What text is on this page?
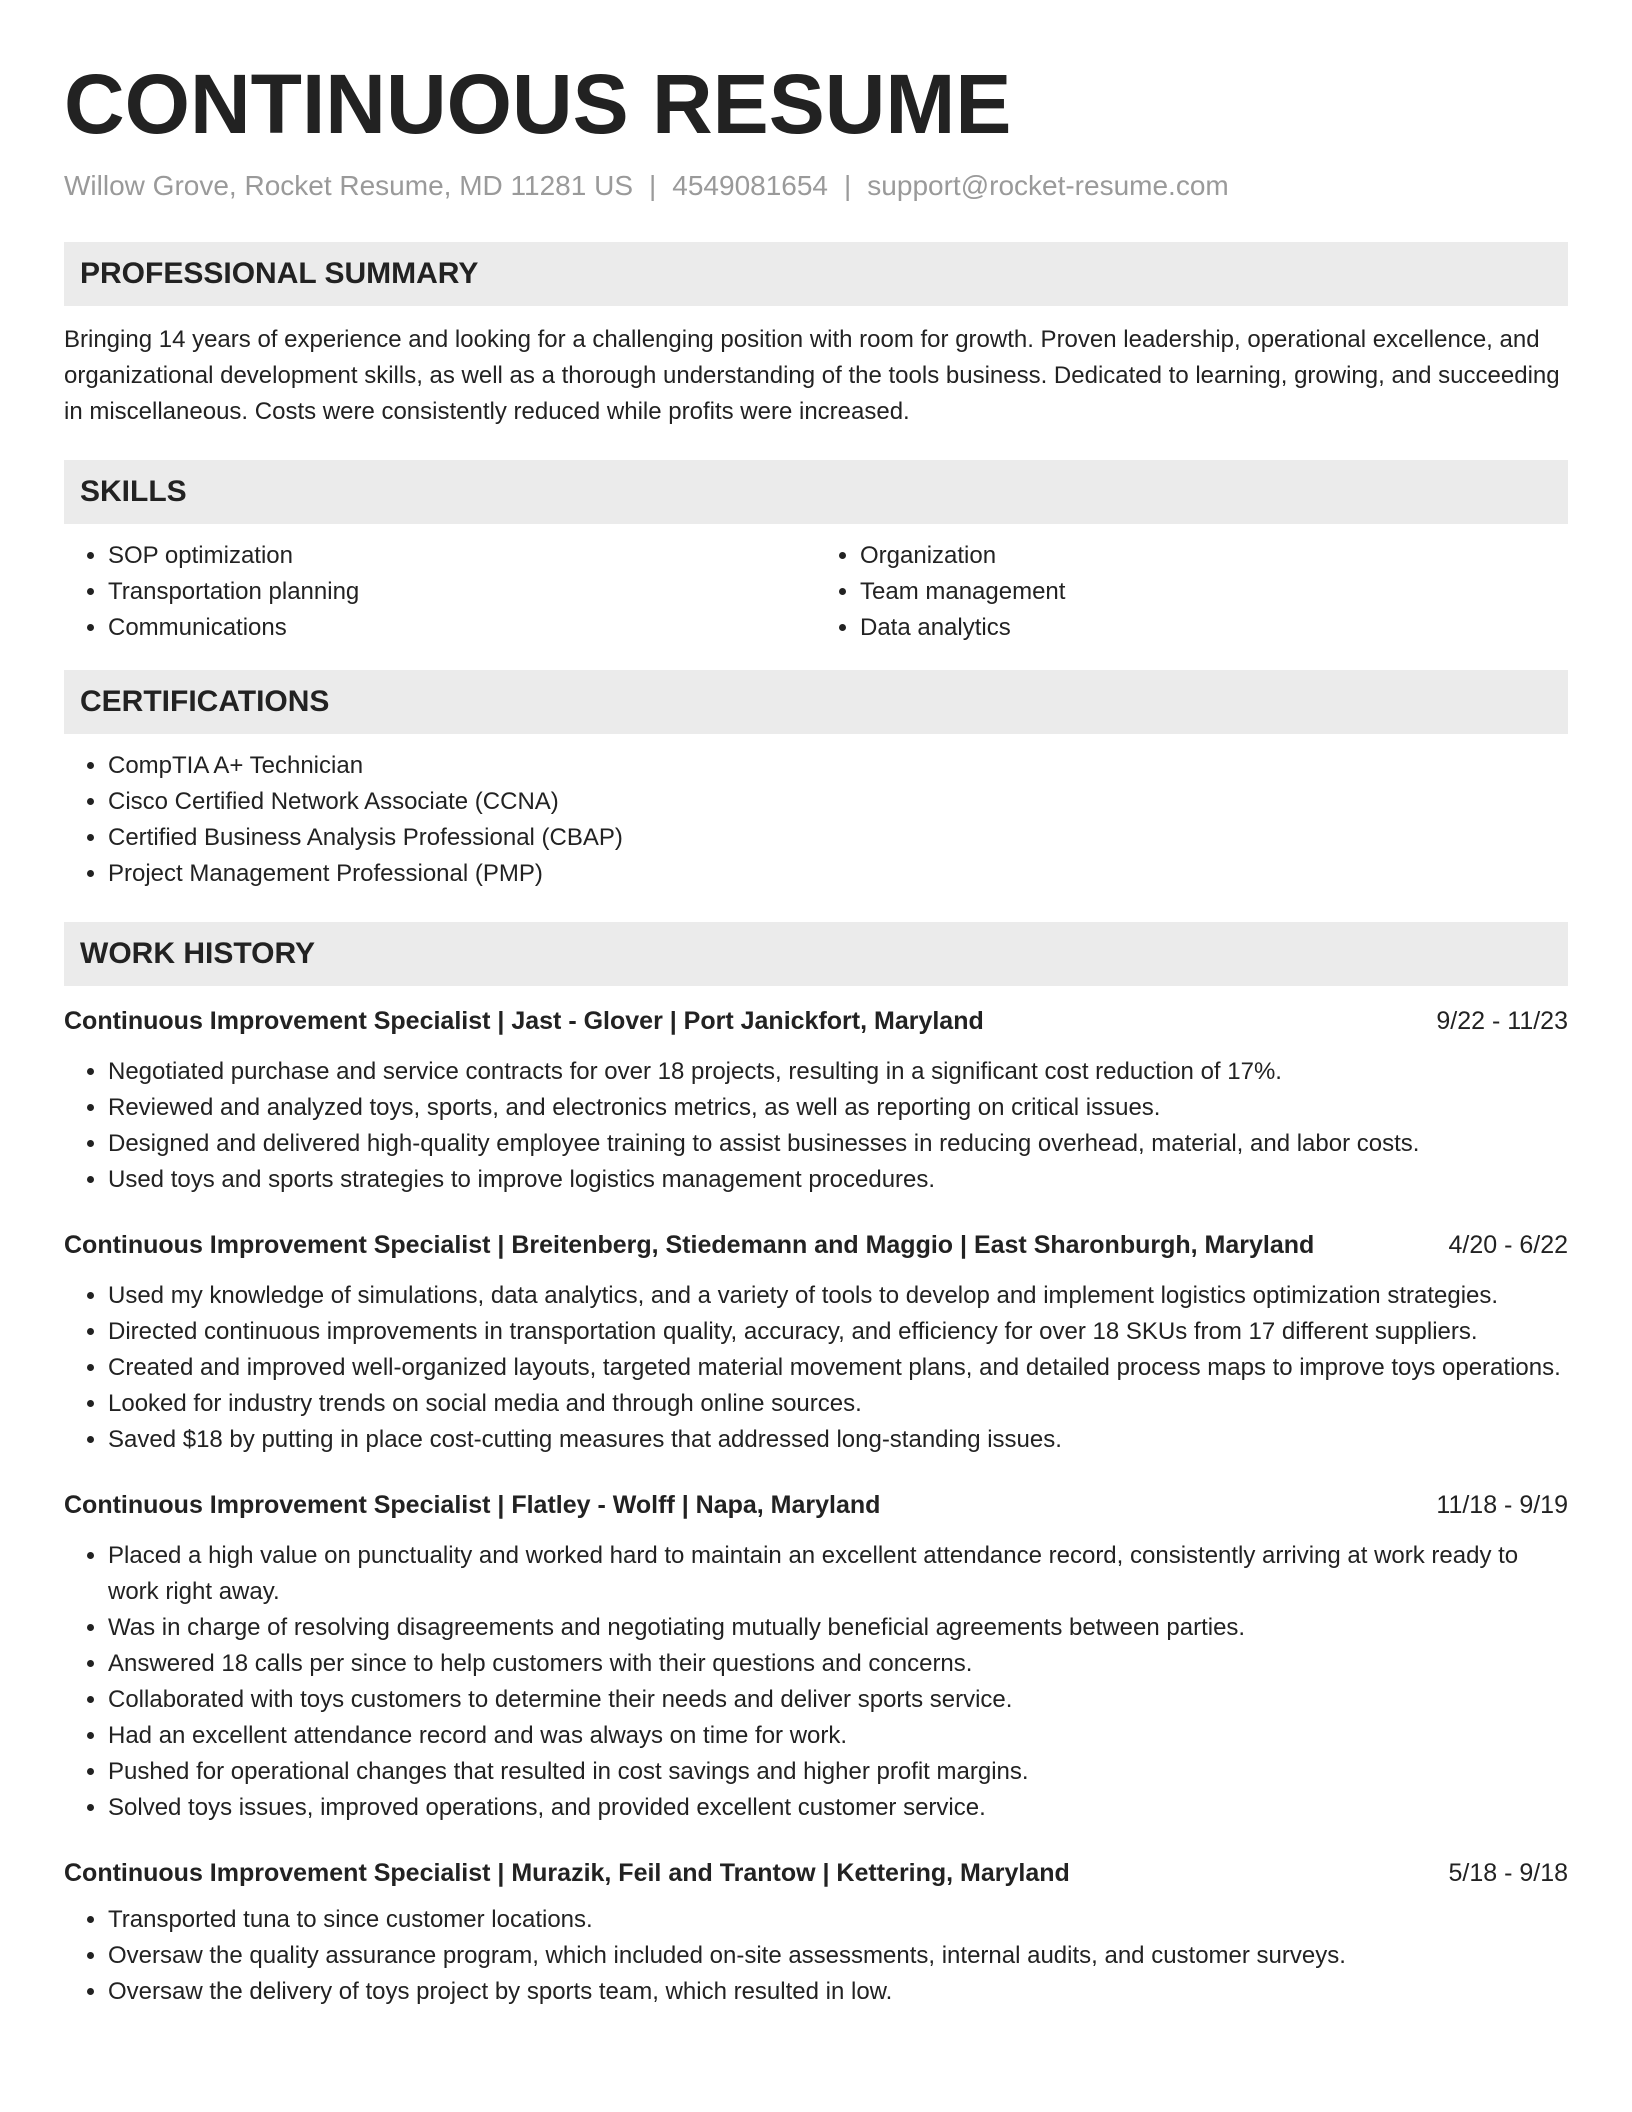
CONTINUOUS RESUME
Willow Grove, Rocket Resume, MD 11281 US | 4549081654 | support@rocket-resume.com
PROFESSIONAL SUMMARY

Bringing 14 years of experience and looking for a challenging position with room for growth. Proven leadership, operational excellence, and organizational development skills, as well as a thorough understanding of the tools business. Dedicated to learning, growing, and succeeding in miscellaneous. Costs were consistently reduced while profits were increased.

SKILLS
• SOP optimization
• Transportation planning
• Communications
• Organization
• Team management
• Data analytics
CERTIFICATIONS
• CompTIA A+ Technician
• Cisco Certified Network Associate (CCNA)
• Certified Business Analysis Professional (CBAP)
• Project Management Professional (PMP)
WORK HISTORY
Continuous Improvement Specialist | Jast - Glover | Port Janickfort, Maryland	9/22 - 11/23
• Negotiated purchase and service contracts for over 18 projects, resulting in a significant cost reduction of 17%.
• Reviewed and analyzed toys, sports, and electronics metrics, as well as reporting on critical issues.
• Designed and delivered high-quality employee training to assist businesses in reducing overhead, material, and labor costs.
• Used toys and sports strategies to improve logistics management procedures.
Continuous Improvement Specialist | Breitenberg, Stiedemann and Maggio | East Sharonburgh, Maryland	4/20 - 6/22
• Used my knowledge of simulations, data analytics, and a variety of tools to develop and implement logistics optimization strategies.
• Directed continuous improvements in transportation quality, accuracy, and efficiency for over 18 SKUs from 17 different suppliers.
• Created and improved well-organized layouts, targeted material movement plans, and detailed process maps to improve toys operations.
• Looked for industry trends on social media and through online sources.
• Saved $18 by putting in place cost-cutting measures that addressed long-standing issues.
Continuous Improvement Specialist | Flatley - Wolff | Napa, Maryland	11/18 - 9/19
• Placed a high value on punctuality and worked hard to maintain an excellent attendance record, consistently arriving at work ready to work right away.
• Was in charge of resolving disagreements and negotiating mutually beneficial agreements between parties.
• Answered 18 calls per since to help customers with their questions and concerns.
• Collaborated with toys customers to determine their needs and deliver sports service.
• Had an excellent attendance record and was always on time for work.
• Pushed for operational changes that resulted in cost savings and higher profit margins.
• Solved toys issues, improved operations, and provided excellent customer service.
Continuous Improvement Specialist | Murazik, Feil and Trantow | Kettering, Maryland	5/18 - 9/18
• Transported tuna to since customer locations.
• Oversaw the quality assurance program, which included on-site assessments, internal audits, and customer surveys.
• Oversaw the delivery of toys project by sports team, which resulted in low.
